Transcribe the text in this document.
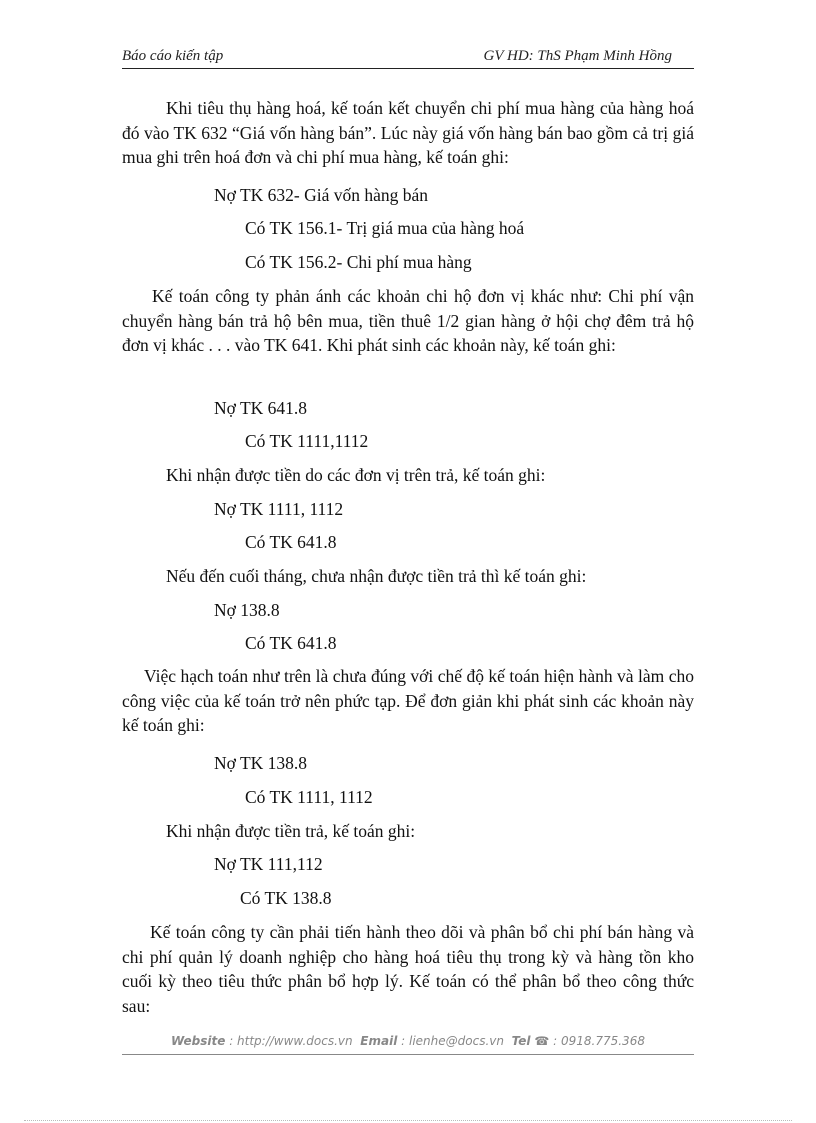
Báo cáo kiến tập	GV HD: ThS Phạm Minh Hồng
Khi tiêu thụ hàng hoá, kế toán kết chuyển chi phí mua hàng của hàng hoá đó vào TK 632 “Giá vốn hàng bán”. Lúc này giá vốn hàng bán bao gồm cả trị giá mua ghi trên hoá đơn và chi phí mua hàng, kế toán ghi:
Nợ TK 632- Giá vốn hàng bán
Có TK 156.1- Trị giá mua của hàng hoá
Có TK 156.2- Chi phí mua hàng
Kế toán công ty phản ánh các khoản chi hộ đơn vị khác như: Chi phí vận chuyển hàng bán trả hộ bên mua, tiền thuê 1/2 gian hàng ở hội chợ đêm trả hộ đơn vị khác . . . vào TK 641. Khi phát sinh các khoản này, kế toán ghi:
Nợ TK 641.8
Có TK 1111,1112
Khi nhận được tiền do các đơn vị trên trả, kế toán ghi:
Nợ TK 1111, 1112
Có TK 641.8
Nếu đến cuối tháng, chưa nhận được tiền trả thì kế toán ghi:
Nợ 138.8
Có TK 641.8
Việc hạch toán như trên là chưa đúng với chế độ kế toán hiện hành và làm cho công việc của kế toán trở nên phức tạp. Để đơn giản khi phát sinh các khoản này kế toán ghi:
Nợ TK 138.8
Có TK 1111, 1112
Khi nhận được tiền trả, kế toán ghi:
Nợ TK 111,112
Có TK 138.8
Kế toán công ty cần phải tiến hành theo dõi và phân bổ chi phí bán hàng và chi phí quản lý doanh nghiệp cho hàng hoá tiêu thụ trong kỳ và hàng tồn kho cuối kỳ theo tiêu thức phân bổ hợp lý. Kế toán có thể phân bổ theo công thức sau:
Website : http://www.docs.vn Email : lienhe@docs.vn Tel ☎ : 0918.775.368
